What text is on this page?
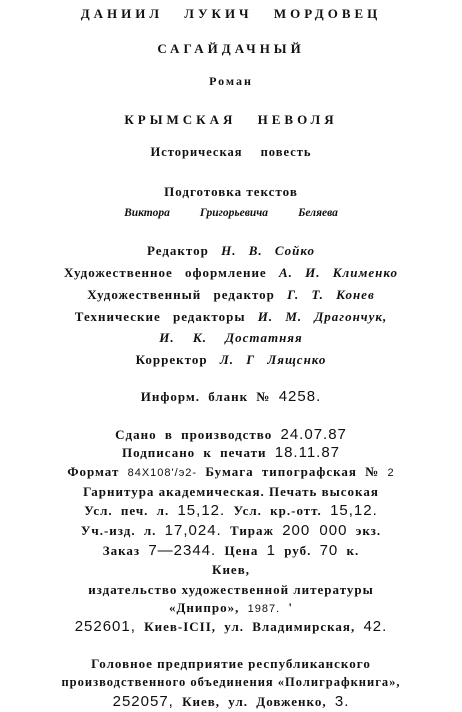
ДАНИИЛ ЛУКИЧ МОРДОВЕЦ
САГАЙДАЧНЫЙ
Роман
КРЫМСКАЯ НЕВОЛЯ
Историческая повесть
Подготовка текстов
Виктора	Григорьевича	Беляева
Редактор Н. В. Сойко
Художественное оформление А. И. Клименко
Художественный редактор Г. Т. Конев
Технические редакторы И. М. Драгончук,
И. К. Достатняя
Корректор Л. Г Лящснко
Информ. бланк № 4258.
Сдано в производство 24.07.87
Подписано к печати 18.11.87
Формат 84X108'/э2- Бумага типографская № 2
Гарнитура академическая. Печать высокая
Усл. печ. л. 15,12. Усл. кр.-отт. 15,12.
Уч.-изд. л. 17,024. Тираж 200 000 экз.
Заказ 7—2344. Цена 1 руб. 70 к.
Киев,
издательство художественной литературы
«Днипро», 1987. '
252601, Киев-ICII, ул. Владимирская, 42.
Головное предприятие республиканского
производственного объединения «Полиграфкнига»,
252057, Киев, ул. Довженко, 3.
